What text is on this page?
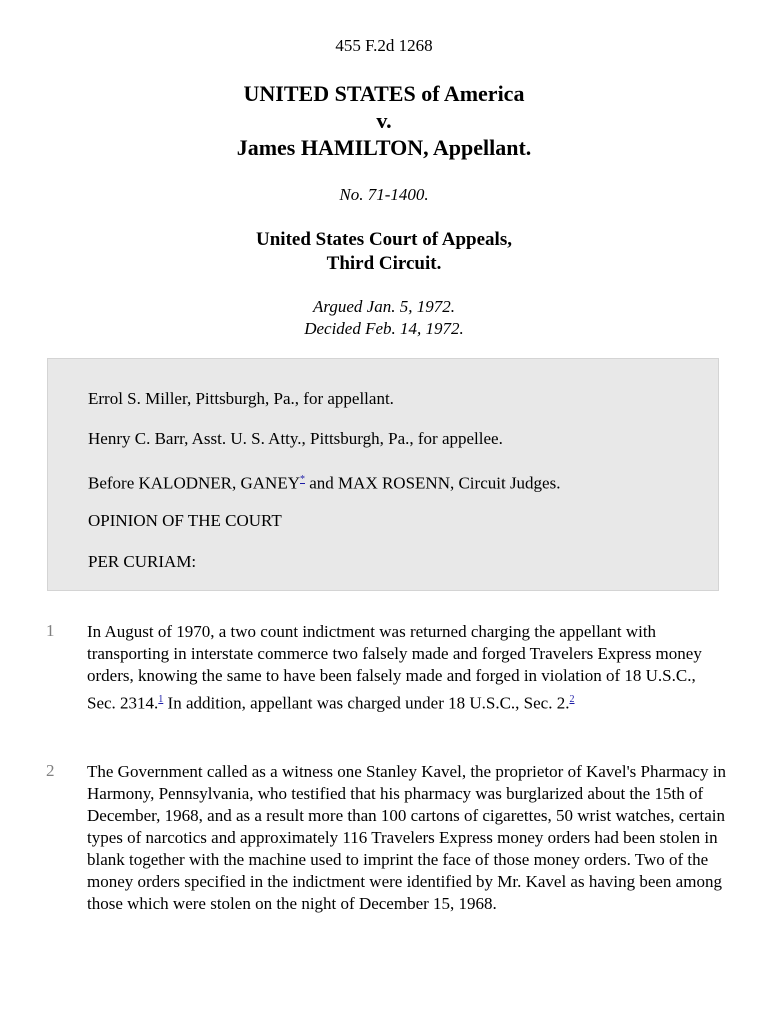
455 F.2d 1268
UNITED STATES of America
v.
James HAMILTON, Appellant.
No. 71-1400.
United States Court of Appeals,
Third Circuit.
Argued Jan. 5, 1972.
Decided Feb. 14, 1972.
Errol S. Miller, Pittsburgh, Pa., for appellant.
Henry C. Barr, Asst. U. S. Atty., Pittsburgh, Pa., for appellee.
Before KALODNER, GANEY* and MAX ROSENN, Circuit Judges.
OPINION OF THE COURT
PER CURIAM:
1 In August of 1970, a two count indictment was returned charging the appellant with transporting in interstate commerce two falsely made and forged Travelers Express money orders, knowing the same to have been falsely made and forged in violation of 18 U.S.C., Sec. 2314.$^1$ In addition, appellant was charged under 18 U.S.C., Sec. 2.$^2$
2 The Government called as a witness one Stanley Kavel, the proprietor of Kavel's Pharmacy in Harmony, Pennsylvania, who testified that his pharmacy was burglarized about the 15th of December, 1968, and as a result more than 100 cartons of cigarettes, 50 wrist watches, certain types of narcotics and approximately 116 Travelers Express money orders had been stolen in blank together with the machine used to imprint the face of those money orders. Two of the money orders specified in the indictment were identified by Mr. Kavel as having been among those which were stolen on the night of December 15, 1968.
